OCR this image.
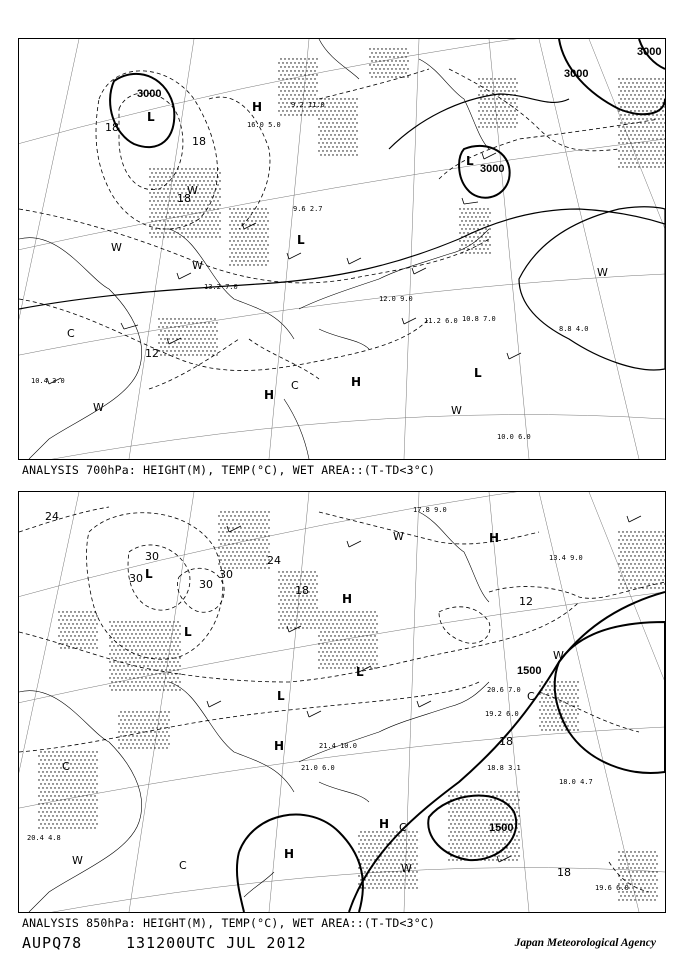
3000
3000
3000
3000
18
18
18
12
L
L
L
L
H
H
H
W
W
W
W
W
W
C
C
16.0 5.0
9.2 11.0
9.6 2.7
12.0 9.0
10.0 6.0
10.8 7.0
8.8 4.0
10.4 3.0
13.2 7.0
11.2 6.0
ANALYSIS 700hPa: HEIGHT(M), TEMP(°C), WET AREA::(T-TD<3°C)
1500
1500
24
30
30	30
30
24
18
12
18
18
L
L
L
L
H
H
H
H
H
W
W
W
W
C
C
C
C
17.8 9.0
13.4 9.0
20.6 7.0
19.2 6.0
18.8 3.1
18.0 4.7
19.6 6.0
21.4 10.0
20.4 4.8
21.0 6.0
ANALYSIS 850hPa: HEIGHT(M), TEMP(°C), WET AREA::(T-TD<3°C)
AUPQ78	131200UTC JUL 2012	Japan Meteorological Agency
